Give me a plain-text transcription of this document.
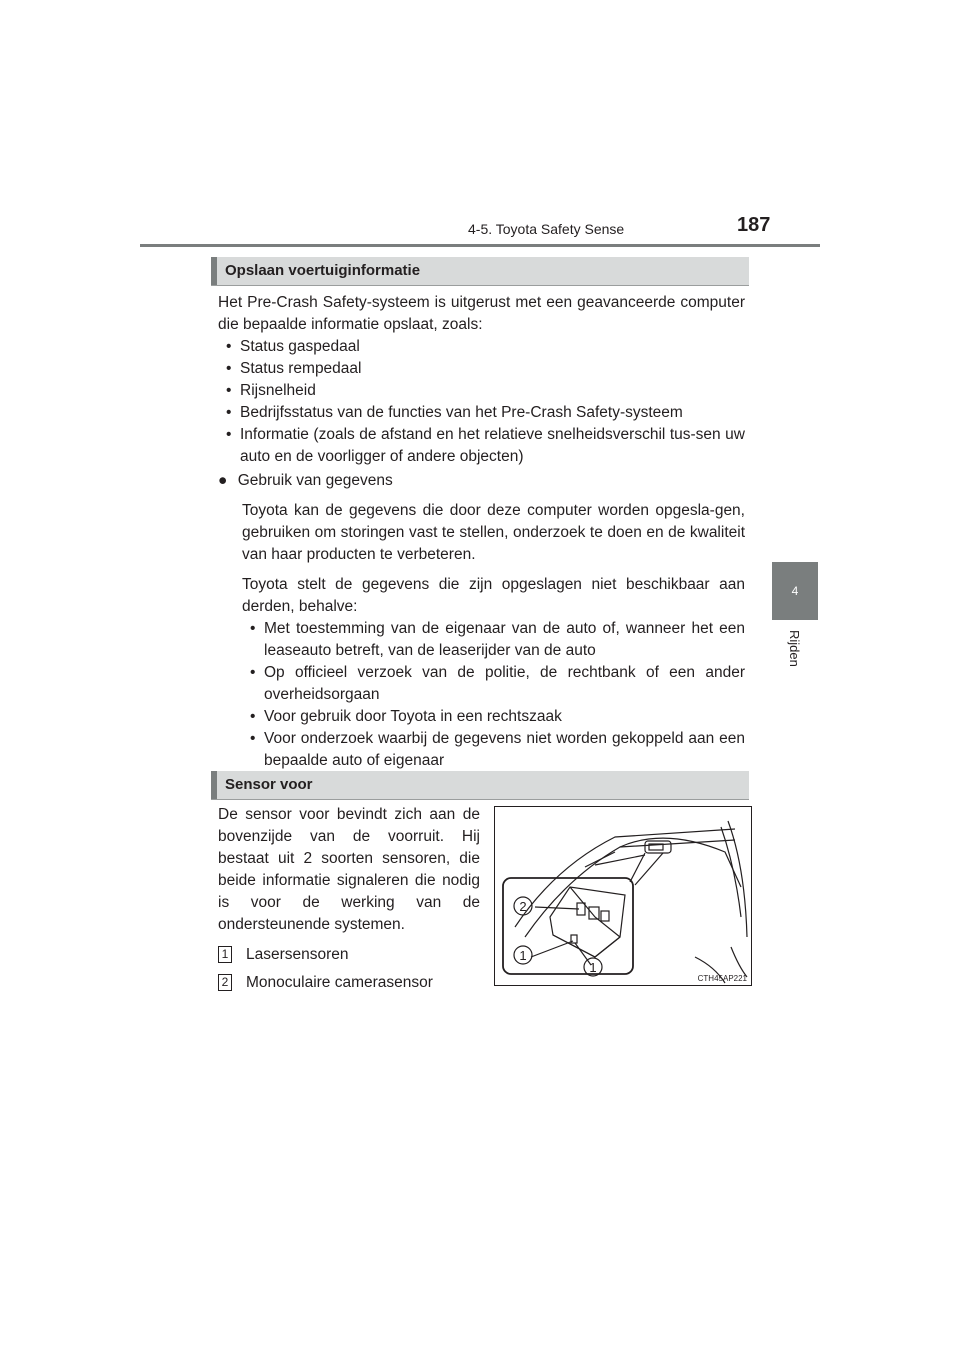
4-5. Toyota Safety Sense	187
4
Rijden
Opslaan voertuiginformatie
Het Pre-Crash Safety-systeem is uitgerust met een geavanceerde computer die bepaalde informatie opslaat, zoals:
• Status gaspedaal
• Status rempedaal
• Rijsnelheid
• Bedrijfsstatus van de functies van het Pre-Crash Safety-systeem
• Informatie (zoals de afstand en het relatieve snelheidsverschil tus-sen uw auto en de voorligger of andere objecten)
● Gebruik van gegevens
Toyota kan de gegevens die door deze computer worden opgesla-gen, gebruiken om storingen vast te stellen, onderzoek te doen en de kwaliteit van haar producten te verbeteren.
Toyota stelt de gegevens die zijn opgeslagen niet beschikbaar aan derden, behalve:
• Met toestemming van de eigenaar van de auto of, wanneer het een leaseauto betreft, van de leaserijder van de auto
• Op officieel verzoek van de politie, de rechtbank of een ander overheidsorgaan
• Voor gebruik door Toyota in een rechtszaak
• Voor onderzoek waarbij de gegevens niet worden gekoppeld aan een bepaalde auto of eigenaar
Sensor voor
De sensor voor bevindt zich aan de bovenzijde van de voorruit. Hij bestaat uit 2 soorten sensoren, die beide informatie signaleren die nodig is voor de werking van de ondersteunende systemen.
1 Lasersensoren
2 Monoculaire camerasensor
2
1
1
CTH45AP221
